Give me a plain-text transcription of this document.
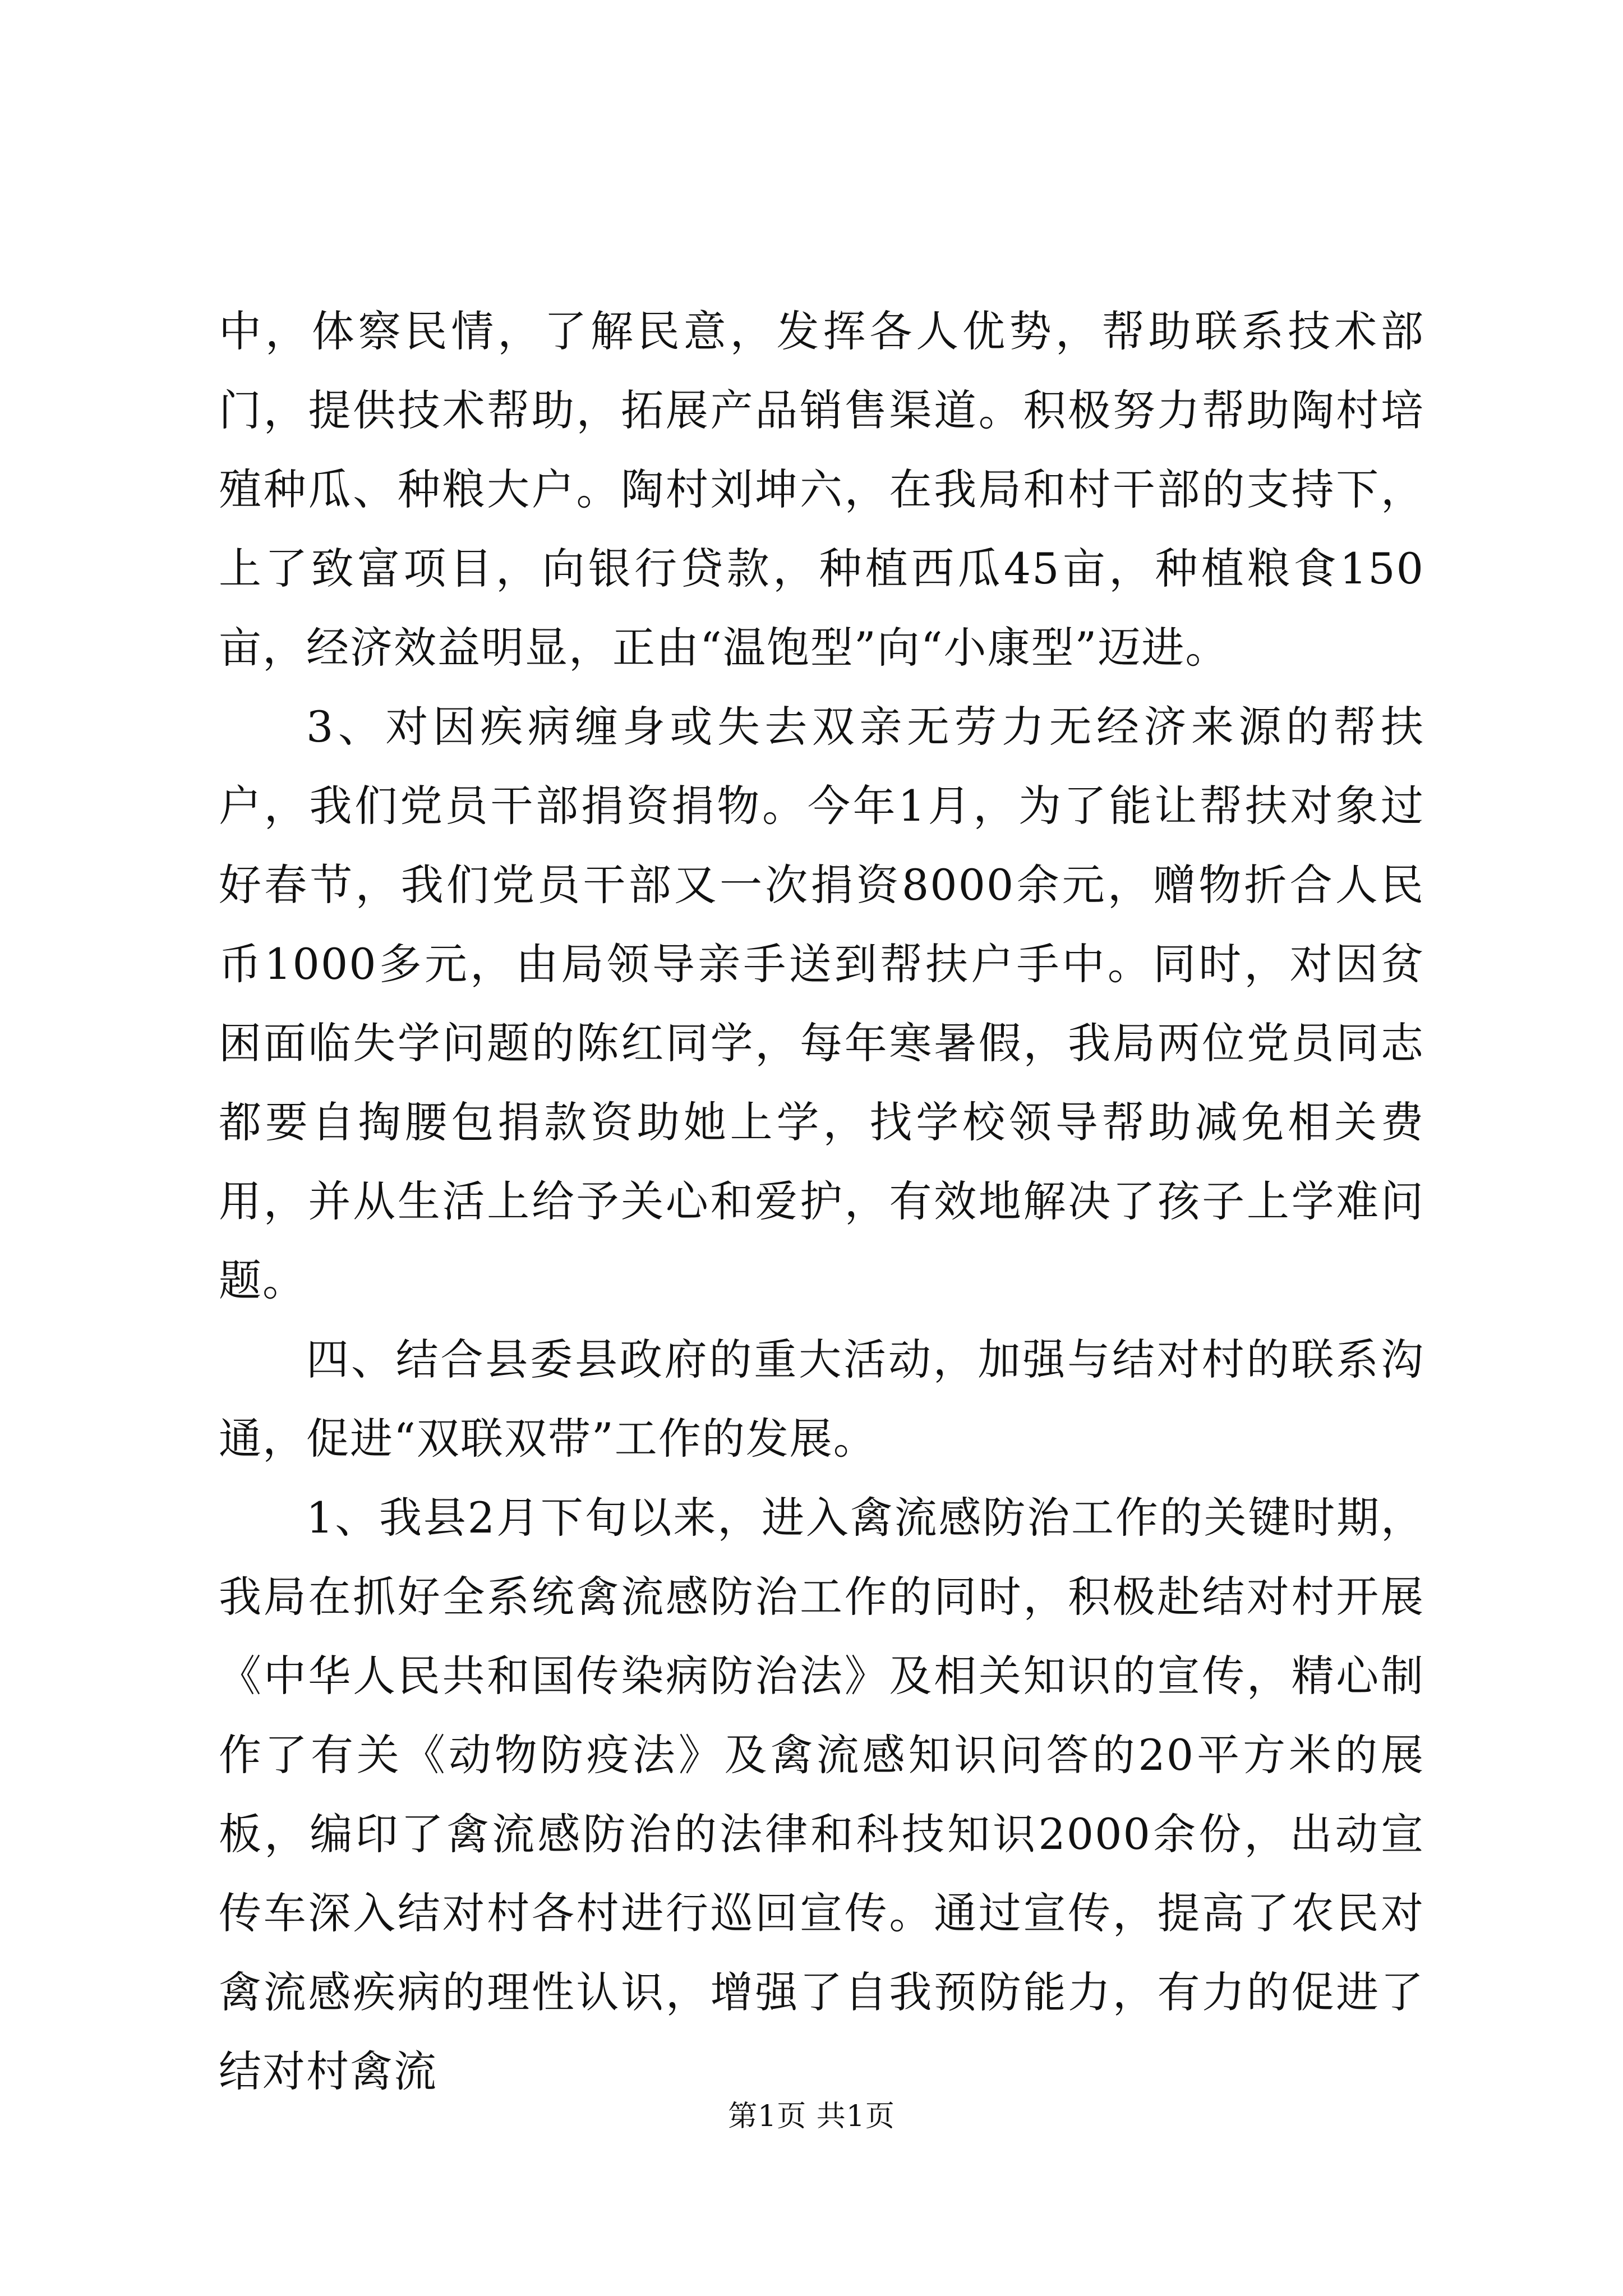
中，体察民情，了解民意，发挥各人优势，帮助联系技术部门，提供技术帮助，拓展产品销售渠道。积极努力帮助陶村培殖种瓜、种粮大户。陶村刘坤六，在我局和村干部的支持下，上了致富项目，向银行贷款，种植西瓜45亩，种植粮食150亩，经济效益明显，正由“温饱型”向“小康型”迈进。

3、对因疾病缠身或失去双亲无劳力无经济来源的帮扶户，我们党员干部捐资捐物。今年1月，为了能让帮扶对象过好春节，我们党员干部又一次捐资8000余元，赠物折合人民币1000多元，由局领导亲手送到帮扶户手中。同时，对因贫困面临失学问题的陈红同学，每年寒暑假，我局两位党员同志都要自掏腰包捐款资助她上学，找学校领导帮助减免相关费用，并从生活上给予关心和爱护，有效地解决了孩子上学难问题。

四、结合县委县政府的重大活动，加强与结对村的联系沟通，促进“双联双带”工作的发展。

1、我县2月下旬以来，进入禽流感防治工作的关键时期，我局在抓好全系统禽流感防治工作的同时，积极赴结对村开展《中华人民共和国传染病防治法》及相关知识的宣传，精心制作了有关《动物防疫法》及禽流感知识问答的20平方米的展板，编印了禽流感防治的法律和科技知识2000余份，出动宣传车深入结对村各村进行巡回宣传。通过宣传，提高了农民对禽流感疾病的理性认识，增强了自我预防能力，有力的促进了结对村禽流

第1页 共1页
